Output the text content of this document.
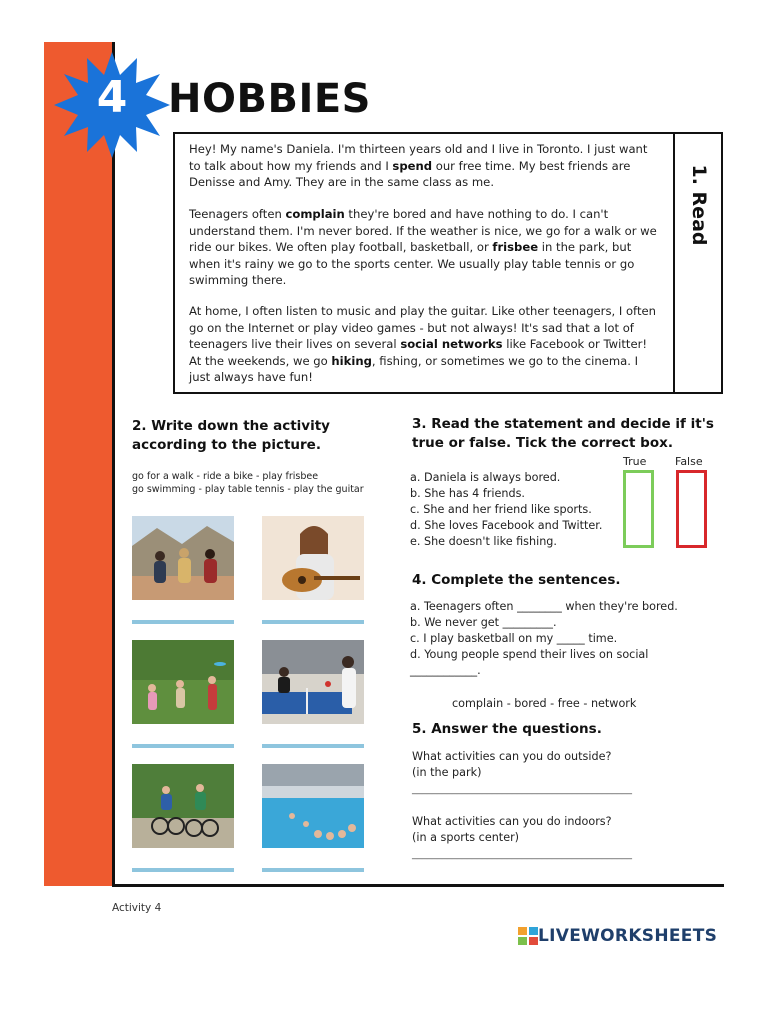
4	HOBBIES
1. Read
Hey! My name's Daniela. I'm thirteen years old and I live in Toronto. I just want to talk about how my friends and I spend our free time. My best friends are Denisse and Amy. They are in the same class as me.
Teenagers often complain they're bored and have nothing to do. I can't understand them. I'm never bored. If the weather is nice, we go for a walk or we ride our bikes. We often play football, basketball, or frisbee in the park, but when it's rainy we go to the sports center. We usually play table tennis or go swimming there.
At home, I often listen to music and play the guitar. Like other teenagers, I often go on the Internet or play video games - but not always! It's sad that a lot of teenagers live their lives on several social networks like Facebook or Twitter! At the weekends, we go hiking, fishing, or sometimes we go to the cinema. I just always have fun!
2. Write down the activity
according to the picture.
go for a walk - ride a bike - play frisbee
go swimming - play table tennis - play the guitar
3. Read the statement and decide if it's
true or false. Tick the correct box.
True	False
a. Daniela is always bored.
b. She has 4 friends.
c. She and her friend like sports.
d. She loves Facebook and Twitter.
e. She doesn't like fishing.
4. Complete the sentences.
a. Teenagers often ________ when they're bored.
b. We never get _________.
c. I play basketball on my _____ time.
d. Young people spend their lives on social
____________.
complain - bored - free - network
5. Answer the questions.
What activities can you do outside?
(in the park)
____________________________________________
What activities can you do indoors?
(in a sports center)
____________________________________________
Activity 4
LIVEWORKSHEETS
